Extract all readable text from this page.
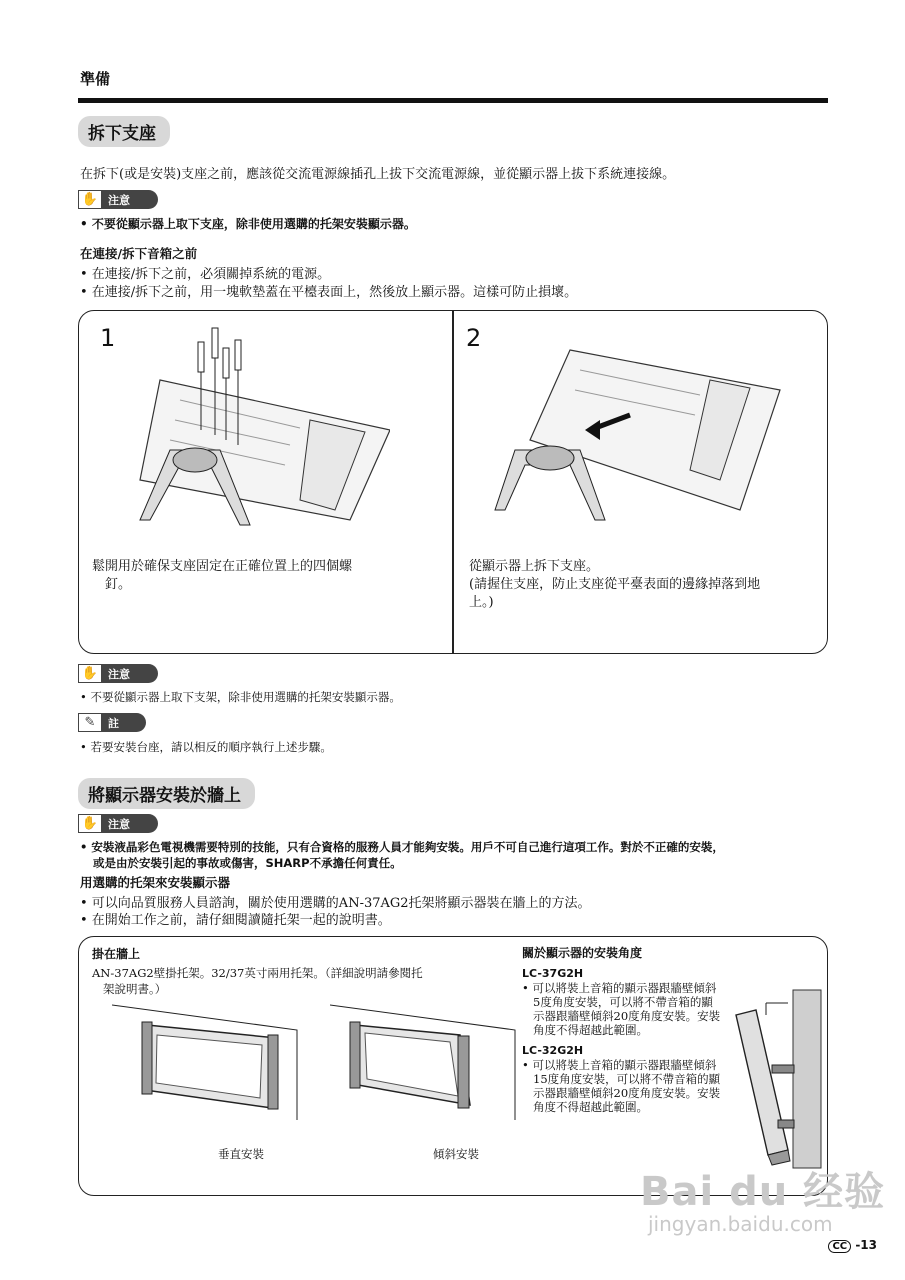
準備
拆下支座
在拆下(或是安裝)支座之前，應該從交流電源線插孔上拔下交流電源線，並從顯示器上拔下系統連接線。
✋ 注意
• 不要從顯示器上取下支座，除非使用選購的托架安裝顯示器。
在連接/拆下音箱之前
• 在連接/拆下之前，必須關掉系統的電源。
• 在連接/拆下之前，用一塊軟墊蓋在平檯表面上，然後放上顯示器。這樣可防止損壞。
1
鬆開用於確保支座固定在正確位置上的四個螺
釘。
2
從顯示器上拆下支座。
(請握住支座，防止支座從平臺表面的邊緣掉落到地
上。)
✋ 注意
• 不要從顯示器上取下支架，除非使用選購的托架安裝顯示器。
✎	註
• 若要安裝台座，請以相反的順序執行上述步驟。
將顯示器安裝於牆上
✋ 注意
• 安裝液晶彩色電視機需要特別的技能，只有合資格的服務人員才能夠安裝。用戶不可自己進行這項工作。對於不正確的安裝，
或是由於安裝引起的事故或傷害，SHARP不承擔任何責任。
用選購的托架來安裝顯示器
• 可以向品質服務人員諮詢，關於使用選購的AN-37AG2托架將顯示器裝在牆上的方法。
• 在開始工作之前，請仔細閱讀隨托架一起的說明書。
掛在牆上
AN-37AG2壁掛托架。32/37英寸兩用托架。（詳細說明請參閱托
架說明書。）
垂直安裝	傾斜安裝
關於顯示器的安裝角度
LC-37G2H
• 可以將裝上音箱的顯示器跟牆壁傾斜
5度角度安裝，可以將不帶音箱的顯
示器跟牆壁傾斜20度角度安裝。安裝
角度不得超越此範圍。
LC-32G2H
• 可以將裝上音箱的顯示器跟牆壁傾斜
15度角度安裝，可以將不帶音箱的顯
示器跟牆壁傾斜20度角度安裝。安裝
角度不得超越此範圍。
Bai du 经验
jingyan.baidu.com
CC -13
